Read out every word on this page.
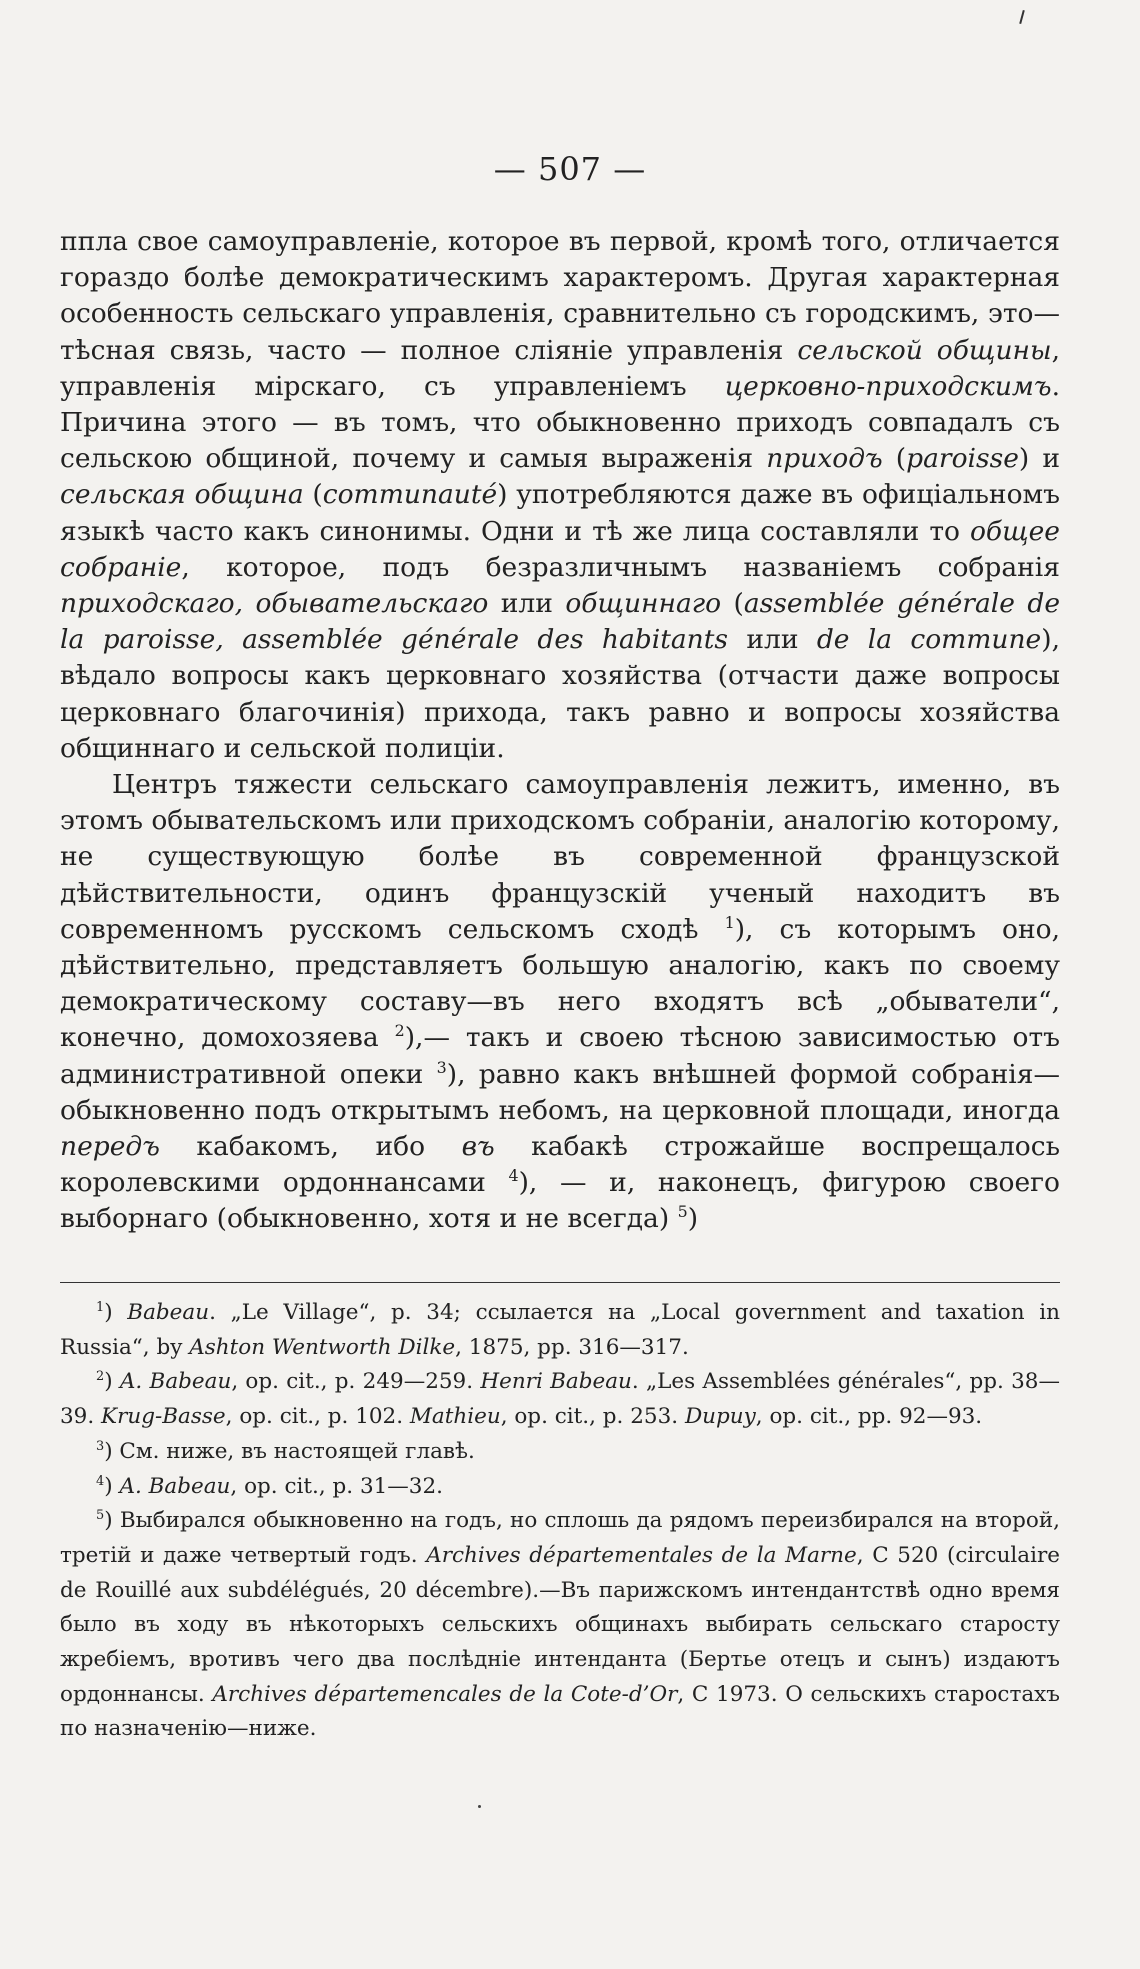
— 507 —

ппла свое самоуправленіе, которое въ первой, кромѣ того, отличается гораздо болѣе демократическимъ характеромъ. Другая характерная особенность сельскаго управленія, сравнительно съ городскимъ, это— тѣсная связь, часто — полное сліяніе управленія сельской общины, управленія мірскаго, съ управленіемъ церковно-приходскимъ. Причина этого — въ томъ, что обыкновенно приходъ совпадалъ съ сельскою общиной, почему и самыя выраженія приходъ (paroisse) и сельская община (communauté) употребляются даже въ офиціальномъ языкѣ часто какъ синонимы. Одни и тѣ же лица составляли то общее собраніе, которое, подъ безразличнымъ названіемъ собранія приходскаго, обывательскаго или общиннаго (assemblée générale de la paroisse, assemblée générale des habitants или de la commune), вѣдало вопросы какъ церковнаго хозяйства (отчасти даже вопросы церковнаго благочинія) прихода, такъ равно и вопросы хозяйства общиннаго и сельской полиціи.

Центръ тяжести сельскаго самоуправленія лежитъ, именно, въ этомъ обывательскомъ или приходскомъ собраніи, аналогію которому, не существующую болѣе въ современной французской дѣйствительности, одинъ французскій ученый находитъ въ современномъ русскомъ сельскомъ сходѣ $^1$), съ которымъ оно, дѣйствительно, представляетъ большую аналогію, какъ по своему демократическому составу—въ него входятъ всѣ „обыватели“, конечно, домохозяева $^2$),— такъ и своею тѣсною зависимостью отъ административной опеки $^3$), равно какъ внѣшней формой собранія—обыкновенно подъ открытымъ небомъ, на церковной площади, иногда передъ кабакомъ, ибо въ кабакѣ строжайше воспрещалось королевскими ордоннансами $^4$), — и, наконецъ, фигурою своего выборнаго (обыкновенно, хотя и не всегда) $^5$)

$^1$) Babeau. „Le Village“, p. 34; ссылается на „Local government and taxation in Russia“, by Ashton Wentworth Dilke, 1875, pp. 316—317.

$^2$) A. Babeau, op. cit., p. 249—259. Henri Babeau. „Les Assemblées générales“, pp. 38—39. Krug-Basse, op. cit., p. 102. Mathieu, op. cit., p. 253. Dupuy, op. cit., pp. 92—93.

$^3$) См. ниже, въ настоящей главѣ.

$^4$) A. Babeau, op. cit., p. 31—32.

$^5$) Выбирался обыкновенно на годъ, но сплошь да рядомъ переизбирался на второй, третій и даже четвертый годъ. Archives départementales de la Marne, C 520 (circulaire de Rouillé aux subdélégués, 20 décembre).—Въ парижскомъ интендантствѣ одно время было въ ходу въ нѣкоторыхъ сельскихъ общинахъ выбирать сельскаго старосту жребіемъ, вротивъ чего два послѣдніе интенданта (Бертье отецъ и сынъ) издаютъ ордоннансы. Archives départemencales de la Cote-d’Or, C 1973. О сельскихъ старостахъ по назначенію—ниже.
